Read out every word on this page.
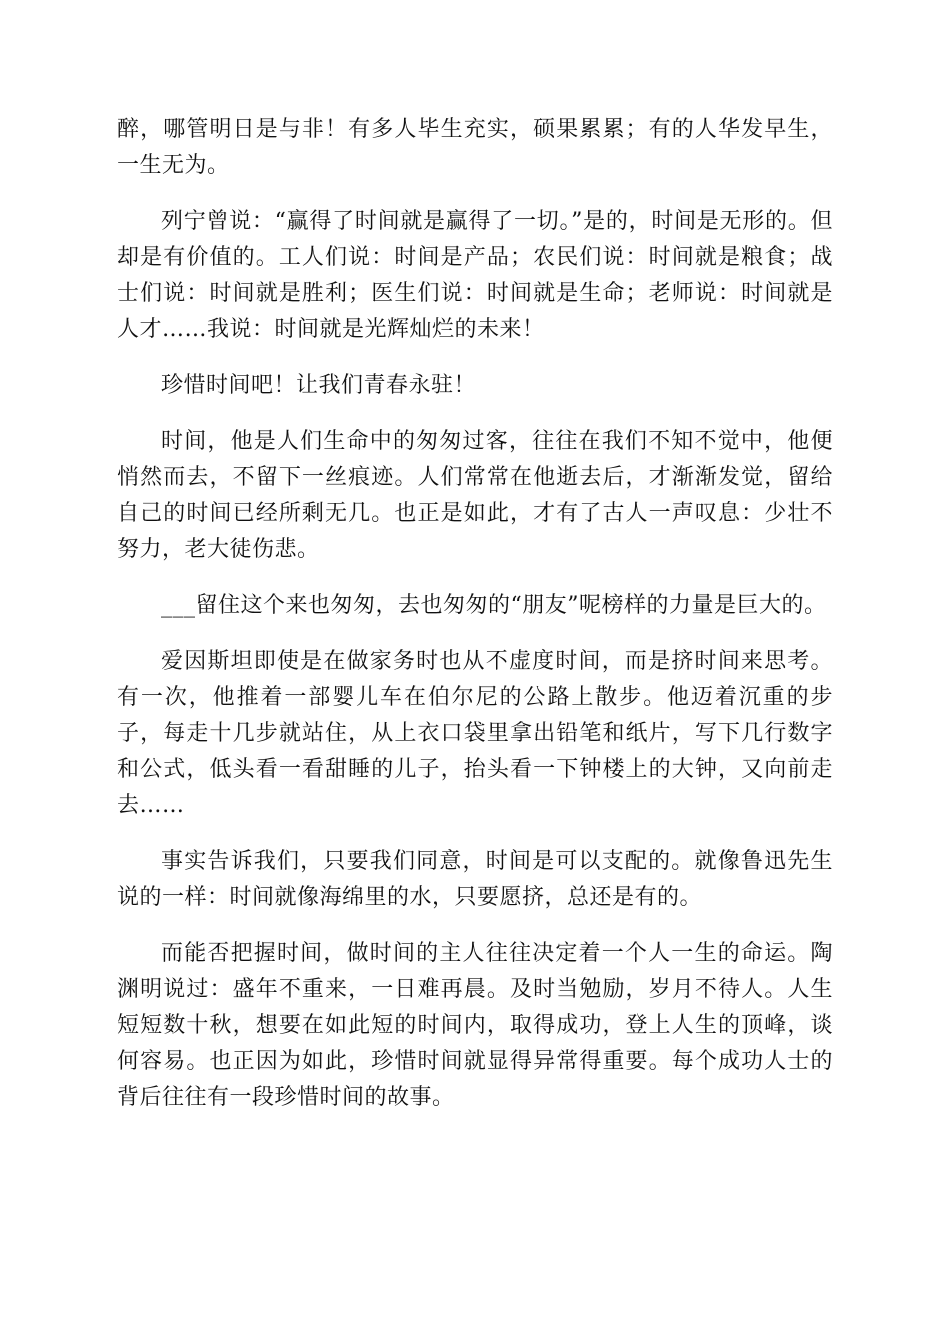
醉，哪管明日是与非！有多人毕生充实，硕果累累；有的人华发早生，一生无为。

列宁曾说：“赢得了时间就是赢得了一切。”是的，时间是无形的。但却是有价值的。工人们说：时间是产品；农民们说：时间就是粮食；战士们说：时间就是胜利；医生们说：时间就是生命；老师说：时间就是人才……我说：时间就是光辉灿烂的未来！

珍惜时间吧！让我们青春永驻！

时间，他是人们生命中的匆匆过客，往往在我们不知不觉中，他便悄然而去，不留下一丝痕迹。人们常常在他逝去后，才渐渐发觉，留给自己的时间已经所剩无几。也正是如此，才有了古人一声叹息：少壮不努力，老大徒伤悲。

___留住这个来也匆匆，去也匆匆的“朋友”呢榜样的力量是巨大的。

爱因斯坦即使是在做家务时也从不虚度时间，而是挤时间来思考。有一次，他推着一部婴儿车在伯尔尼的公路上散步。他迈着沉重的步子，每走十几步就站住，从上衣口袋里拿出铅笔和纸片，写下几行数字和公式，低头看一看甜睡的儿子，抬头看一下钟楼上的大钟，又向前走去……

事实告诉我们，只要我们同意，时间是可以支配的。就像鲁迅先生说的一样：时间就像海绵里的水，只要愿挤，总还是有的。

而能否把握时间，做时间的主人往往决定着一个人一生的命运。陶渊明说过：盛年不重来，一日难再晨。及时当勉励，岁月不待人。人生短短数十秋，想要在如此短的时间内，取得成功，登上人生的顶峰，谈何容易。也正因为如此，珍惜时间就显得异常得重要。每个成功人士的背后往往有一段珍惜时间的故事。
